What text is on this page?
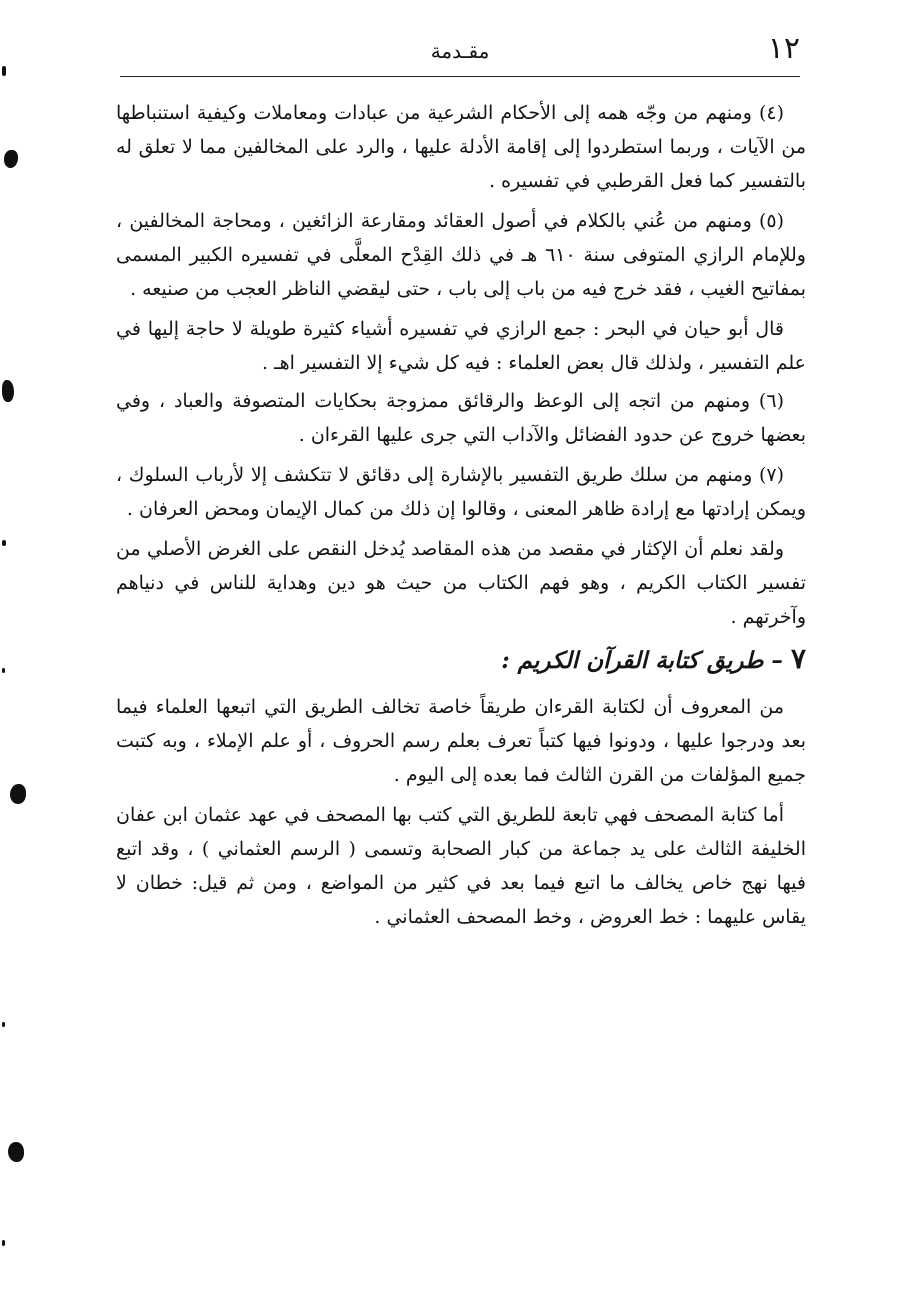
١٢
مقـدمة

(٤) ومنهم من وجّه همه إلى الأحكام الشرعية من عبادات ومعاملات وكيفية استنباطها من الآيات ، وربما استطردوا إلى إقامة الأدلة عليها ، والرد على المخالفين مما لا تعلق له بالتفسير كما فعل القرطبي في تفسيره .

(٥) ومنهم من عُني بالكلام في أصول العقائد ومقارعة الزائغين ، ومحاجة المخالفين ، وللإمام الرازي المتوفى سنة ٦١٠ هـ في ذلك القِدْح المعلَّى في تفسيره الكبير المسمى بمفاتيح الغيب ، فقد خرج فيه من باب إلى باب ، حتى ليقضي الناظر العجب من صنيعه .

قال أبو حيان في البحر : جمع الرازي في تفسيره أشياء كثيرة طويلة لا حاجة إليها في علم التفسير ، ولذلك قال بعض العلماء : فيه كل شيء إلا التفسير اهـ .

(٦) ومنهم من اتجه إلى الوعظ والرقائق ممزوجة بحكايات المتصوفة والعباد ، وفي بعضها خروج عن حدود الفضائل والآداب التي جرى عليها القرءان .

(٧) ومنهم من سلك طريق التفسير بالإشارة إلى دقائق لا تتكشف إلا لأرباب السلوك ، ويمكن إرادتها مع إرادة ظاهر المعنى ، وقالوا إن ذلك من كمال الإيمان ومحض العرفان .

ولقد نعلم أن الإكثار في مقصد من هذه المقاصد يُدخل النقص على الغرض الأصلي من تفسير الكتاب الكريم ، وهو فهم الكتاب من حيث هو دين وهداية للناس في دنياهم وآخرتهم .

٧ – طريق كتابة القرآن الكريم :

من المعروف أن لكتابة القرءان طريقاً خاصة تخالف الطريق التي اتبعها العلماء فيما بعد ودرجوا عليها ، ودونوا فيها كتباً تعرف بعلم رسم الحروف ، أو علم الإملاء ، وبه كتبت جميع المؤلفات من القرن الثالث فما بعده إلى اليوم .

أما كتابة المصحف فهي تابعة للطريق التي كتب بها المصحف في عهد عثمان ابن عفان الخليفة الثالث على يد جماعة من كبار الصحابة وتسمى ( الرسم العثماني ) ، وقد اتبع فيها نهج خاص يخالف ما اتبع فيما بعد في كثير من المواضع ، ومن ثم قيل: خطان لا يقاس عليهما : خط العروض ، وخط المصحف العثماني .
